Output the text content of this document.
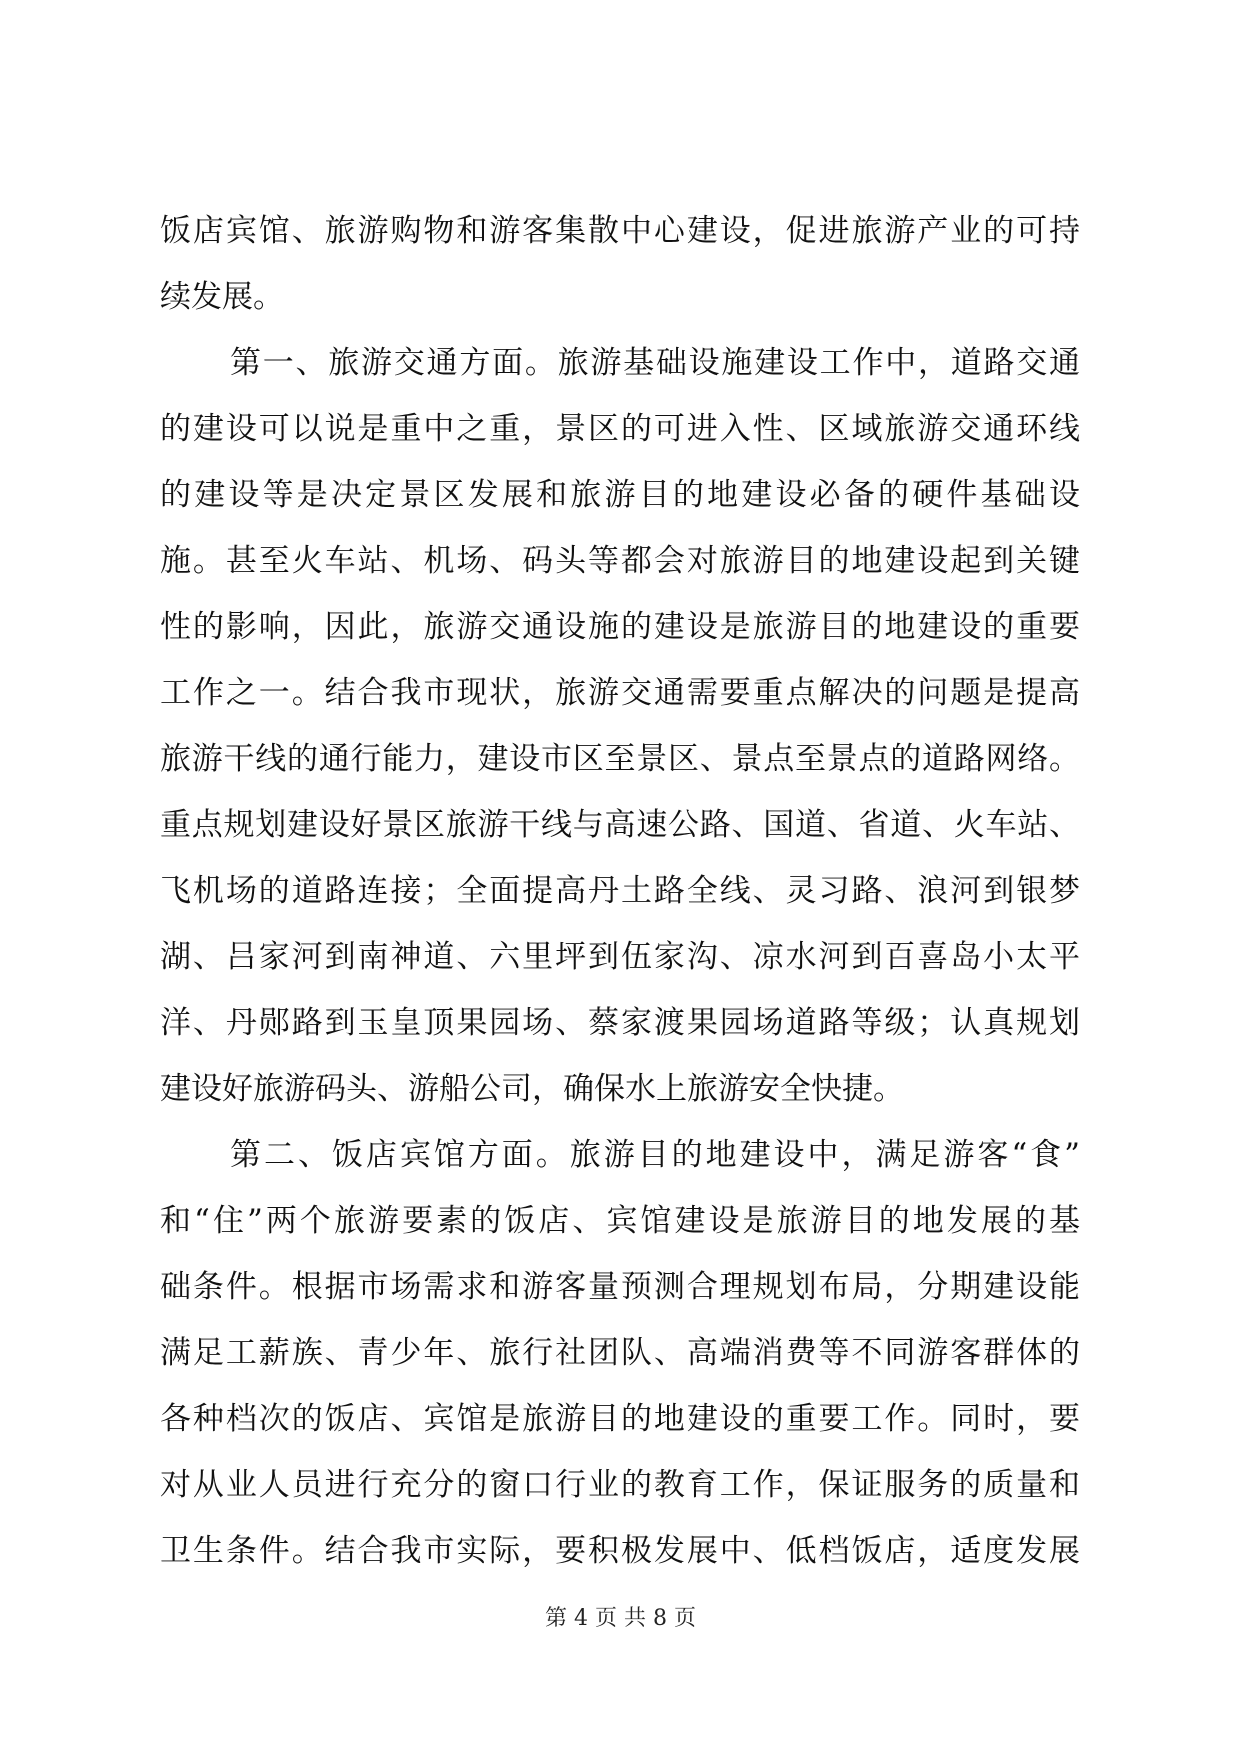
饭店宾馆、旅游购物和游客集散中心建设，促进旅游产业的可持
续发展。
第一、旅游交通方面。旅游基础设施建设工作中，道路交通
的建设可以说是重中之重，景区的可进入性、区域旅游交通环线
的建设等是决定景区发展和旅游目的地建设必备的硬件基础设
施。甚至火车站、机场、码头等都会对旅游目的地建设起到关键
性的影响，因此，旅游交通设施的建设是旅游目的地建设的重要
工作之一。结合我市现状，旅游交通需要重点解决的问题是提高
旅游干线的通行能力，建设市区至景区、景点至景点的道路网络。
重点规划建设好景区旅游干线与高速公路、国道、省道、火车站、
飞机场的道路连接；全面提高丹土路全线、灵习路、浪河到银梦
湖、吕家河到南神道、六里坪到伍家沟、凉水河到百喜岛小太平
洋、丹郧路到玉皇顶果园场、蔡家渡果园场道路等级；认真规划
建设好旅游码头、游船公司，确保水上旅游安全快捷。
第二、饭店宾馆方面。旅游目的地建设中，满足游客“食”
和“住”两个旅游要素的饭店、宾馆建设是旅游目的地发展的基
础条件。根据市场需求和游客量预测合理规划布局，分期建设能
满足工薪族、青少年、旅行社团队、高端消费等不同游客群体的
各种档次的饭店、宾馆是旅游目的地建设的重要工作。同时，要
对从业人员进行充分的窗口行业的教育工作，保证服务的质量和
卫生条件。结合我市实际，要积极发展中、低档饭店，适度发展
第 4 页 共 8 页
